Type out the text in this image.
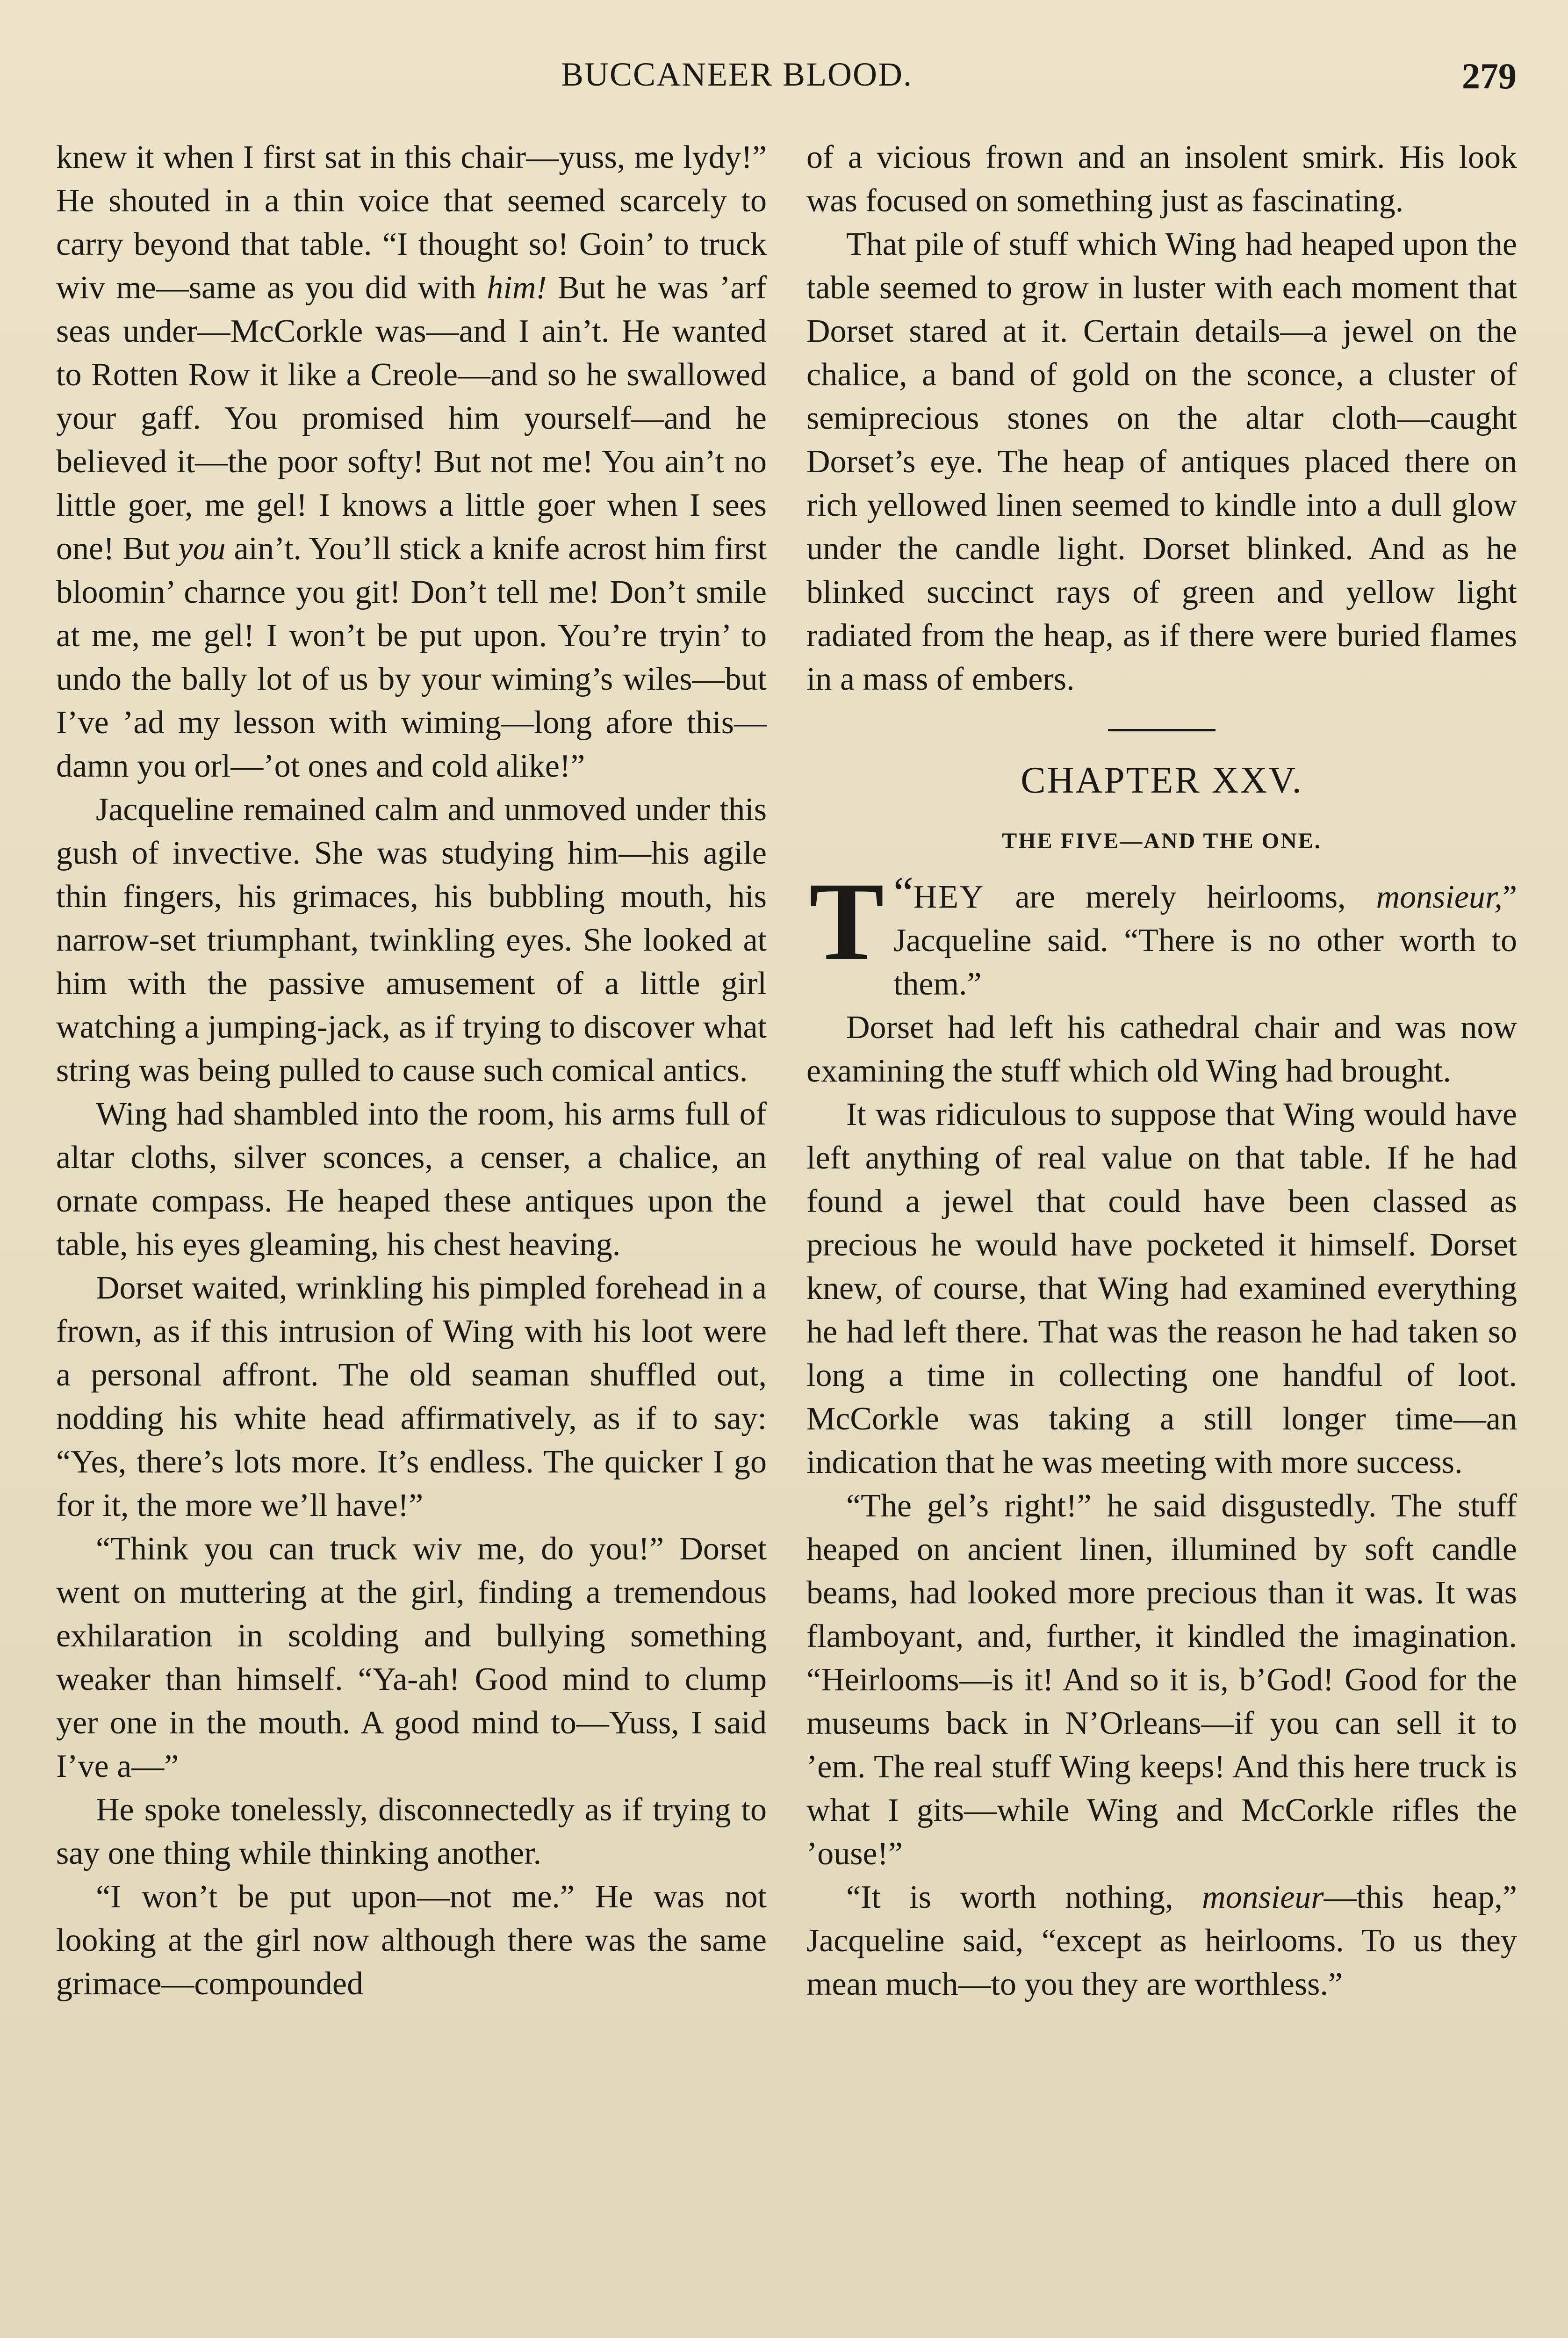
BUCCANEER BLOOD.	279

knew it when I first sat in this chair—yuss, me lydy!” He shouted in a thin voice that seemed scarcely to carry beyond that table. “I thought so! Goin’ to truck wiv me—same as you did with him! But he was ’arf seas under—McCorkle was—and I ain’t. He wanted to Rotten Row it like a Creole—and so he swallowed your gaff. You promised him yourself—and he believed it—the poor softy! But not me! You ain’t no little goer, me gel! I knows a little goer when I sees one! But you ain’t. You’ll stick a knife acrost him first bloomin’ charnce you git! Don’t tell me! Don’t smile at me, me gel! I won’t be put upon. You’re tryin’ to undo the bally lot of us by your wiming’s wiles—but I’ve ’ad my lesson with wiming—long afore this—damn you orl—’ot ones and cold alike!”

Jacqueline remained calm and unmoved under this gush of invective. She was studying him—his agile thin fingers, his grimaces, his bubbling mouth, his narrow-set triumphant, twinkling eyes. She looked at him with the passive amusement of a little girl watching a jumping-jack, as if trying to discover what string was being pulled to cause such comical antics.

Wing had shambled into the room, his arms full of altar cloths, silver sconces, a censer, a chalice, an ornate compass. He heaped these antiques upon the table, his eyes gleaming, his chest heaving.

Dorset waited, wrinkling his pimpled forehead in a frown, as if this intrusion of Wing with his loot were a personal affront. The old seaman shuffled out, nodding his white head affirmatively, as if to say: “Yes, there’s lots more. It’s endless. The quicker I go for it, the more we’ll have!”

“Think you can truck wiv me, do you!” Dorset went on muttering at the girl, finding a tremendous exhilaration in scolding and bullying something weaker than himself. “Ya-ah! Good mind to clump yer one in the mouth. A good mind to—Yuss, I said I’ve a—”

He spoke tonelessly, disconnectedly as if trying to say one thing while thinking another.

“I won’t be put upon—not me.” He was not looking at the girl now although there was the same grimace—compounded

of a vicious frown and an insolent smirk. His look was focused on something just as fascinating.

That pile of stuff which Wing had heaped upon the table seemed to grow in luster with each moment that Dorset stared at it. Certain details—a jewel on the chalice, a band of gold on the sconce, a cluster of semiprecious stones on the altar cloth—caught Dorset’s eye. The heap of antiques placed there on rich yellowed linen seemed to kindle into a dull glow under the candle light. Dorset blinked. And as he blinked succinct rays of green and yellow light radiated from the heap, as if there were buried flames in a mass of embers.

CHAPTER XXV.
THE FIVE—AND THE ONE.

“
T HEY are merely heirlooms, monsieur,” Jacqueline said. “There is no other worth to them.”

Dorset had left his cathedral chair and was now examining the stuff which old Wing had brought.

It was ridiculous to suppose that Wing would have left anything of real value on that table. If he had found a jewel that could have been classed as precious he would have pocketed it himself. Dorset knew, of course, that Wing had examined everything he had left there. That was the reason he had taken so long a time in collecting one handful of loot. McCorkle was taking a still longer time—an indication that he was meeting with more success.

“The gel’s right!” he said disgustedly. The stuff heaped on ancient linen, illumined by soft candle beams, had looked more precious than it was. It was flamboyant, and, further, it kindled the imagination. “Heirlooms—is it! And so it is, b’God! Good for the museums back in N’Orleans—if you can sell it to ’em. The real stuff Wing keeps! And this here truck is what I gits—while Wing and McCorkle rifles the ’ouse!”

“It is worth nothing, monsieur—this heap,” Jacqueline said, “except as heirlooms. To us they mean much—to you they are worthless.”
